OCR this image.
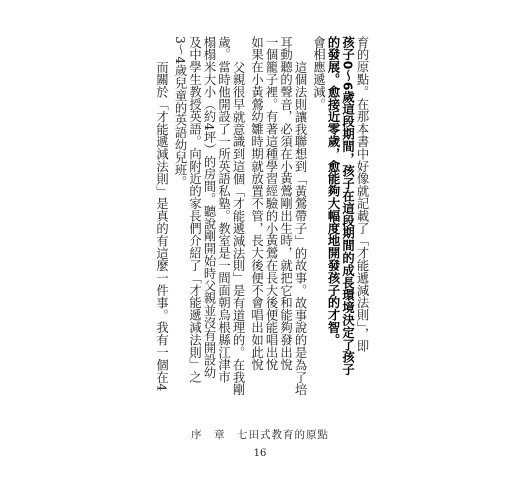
育的原點。在那本書中好像就記載了「才能遞減法則」，即
孩子0～6歲這段期間，孩子在這段期間的成長環境決定了孩子
的發展。愈接近零歲，愈能夠大幅度地開發孩子的才智。
會相應遞減。
這個法則讓我聯想到「黃鶯帶子」的故事。故事說的是為了培
耳動聽的聲音，必須在小黃鶯剛出生時，就把它和能夠發出悅
一個籠子裡。有著這種學習經驗的小黃鶯在長大後便能唱出悅
如果在小黃鶯幼雛時期就放置不管，長大後便不會唱出如此悅
父親很早就意識到這個「才能遞減法則」是有道理的。在我剛
歲。當時他開設了一所英語私塾。教室是一間面朝烏根縣江津市
榻榻米大小（約4坪）的房間。聽說剛開始時父親並沒有開設幼
及中學生教授英語。向附近的家長們介紹了「才能遞減法則」之
3～4歲兒童的英語幼兒班。
而關於「才能遞減法則」是真的有這麼一件事。我有一個在4
序　章　七田式教育的原點
16
